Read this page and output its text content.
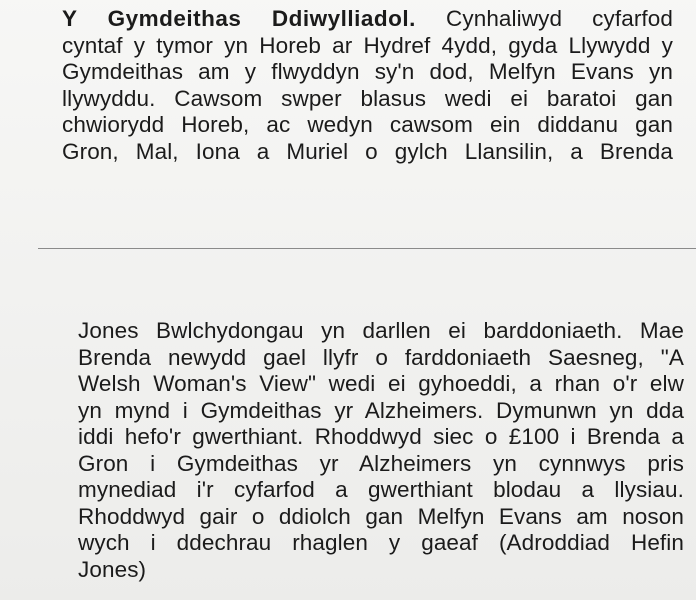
Y Gymdeithas Ddiwylliadol. Cynhaliwyd cyfarfod
cyntaf y tymor yn Horeb ar Hydref 4ydd, gyda Llywydd y
Gymdeithas am y flwyddyn sy'n dod, Melfyn Evans yn
llywyddu. Cawsom swper blasus wedi ei baratoi gan
chwiorydd Horeb, ac wedyn cawsom ein diddanu gan
Gron, Mal, Iona a Muriel o gylch Llansilin, a Brenda
Jones Bwlchydongau yn darllen ei barddoniaeth. Mae
Brenda newydd gael llyfr o farddoniaeth Saesneg, "A
Welsh Woman's View" wedi ei gyhoeddi, a rhan o'r elw
yn mynd i Gymdeithas yr Alzheimers. Dymunwn yn dda
iddi hefo'r gwerthiant. Rhoddwyd siec o £100 i Brenda a
Gron i Gymdeithas yr Alzheimers yn cynnwys pris
mynediad i'r cyfarfod a gwerthiant blodau a llysiau.
Rhoddwyd gair o ddiolch gan Melfyn Evans am noson
wych i ddechrau rhaglen y gaeaf (Adroddiad Hefin
Jones)
